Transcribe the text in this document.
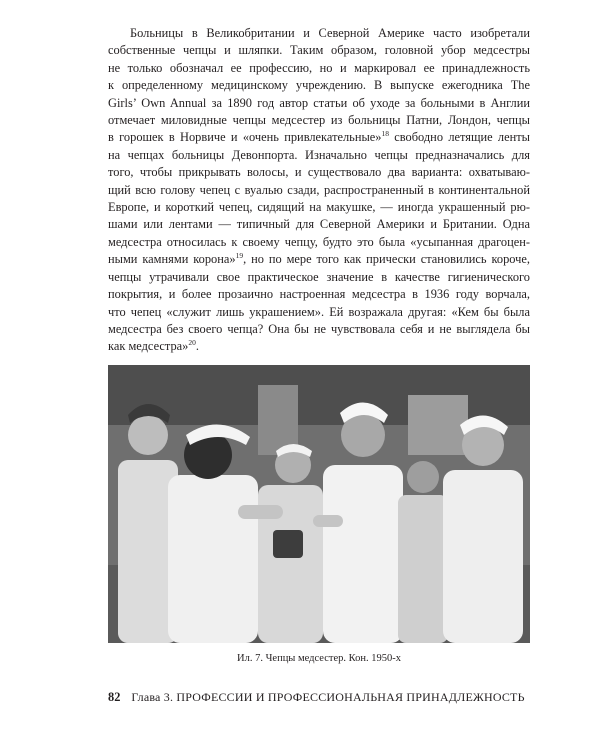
Больницы в Великобритании и Северной Америке часто изобретали
собственные чепцы и шляпки. Таким образом, головной убор медсестры
не только обозначал ее профессию, но и маркировал ее принадлежность
к определенному медицинскому учреждению. В выпуске ежегодника The
Girls’ Own Annual за 1890 год автор статьи об уходе за больными в Англии
отмечает миловидные чепцы медсестер из больницы Патни, Лондон, чепцы
в горошек в Норвиче и «очень привлекательные»$^{18}$ свободно летящие ленты
на чепцах больницы Девонпорта. Изначально чепцы предназначались для
того, чтобы прикрывать волосы, и существовало два варианта: охватываю-
щий всю голову чепец с вуалью сзади, распространенный в континентальной
Европе, и короткий чепец, сидящий на макушке, — иногда украшенный рю-
шами или лентами — типичный для Северной Америки и Британии. Одна
медсестра относилась к своему чепцу, будто это была «усыпанная драгоцен-
ными камнями корона»$^{19}$, но по мере того как прически становились короче,
чепцы утрачивали свое практическое значение в качестве гигиенического
покрытия, и более прозаично настроенная медсестра в 1936 году ворчала,
что чепец «служит лишь украшением». Ей возражала другая: «Кем бы была
медсестра без своего чепца? Она бы не чувствовала себя и не выглядела бы
как медсестра»$^{20}$.
Ил. 7. Чепцы медсестер. Кон. 1950-х
82 Глава 3. ПРОФЕССИИ И ПРОФЕССИОНАЛЬНАЯ ПРИНАДЛЕЖНОСТЬ
